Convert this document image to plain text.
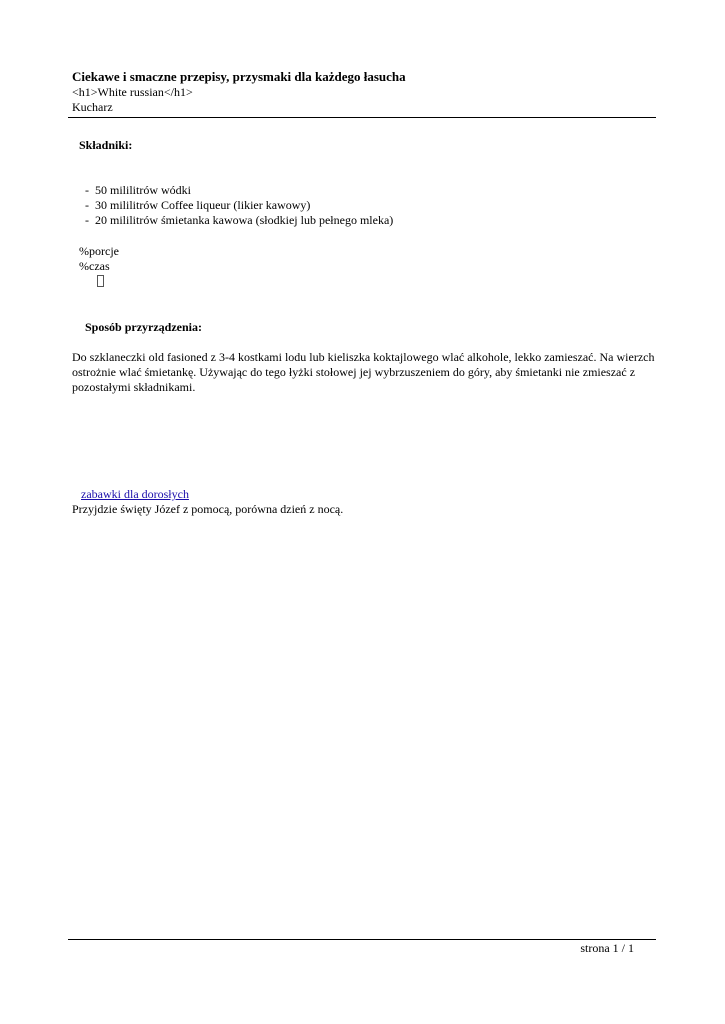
Ciekawe i smaczne przepisy, przysmaki dla każdego łasucha

<h1>White russian</h1>

Kucharz

Składniki:

- 50 mililitrów wódki
- 30 mililitrów Coffee liqueur (likier kawowy)
- 20 mililitrów śmietanka kawowa (słodkiej lub pełnego mleka)

%porcje

%czas

Sposób przyrządzenia:

Do szklaneczki old fasioned z 3-4 kostkami lodu lub kieliszka koktajlowego wlać alkohole, lekko zamieszać. Na wierzch ostrożnie wlać śmietankę. Używając do tego łyżki stołowej jej wybrzuszeniem do góry, aby śmietanki nie zmieszać z pozostałymi składnikami.

zabawki dla dorosłych

Przyjdzie święty Józef z pomocą, porówna dzień z nocą.

strona 1 / 1
